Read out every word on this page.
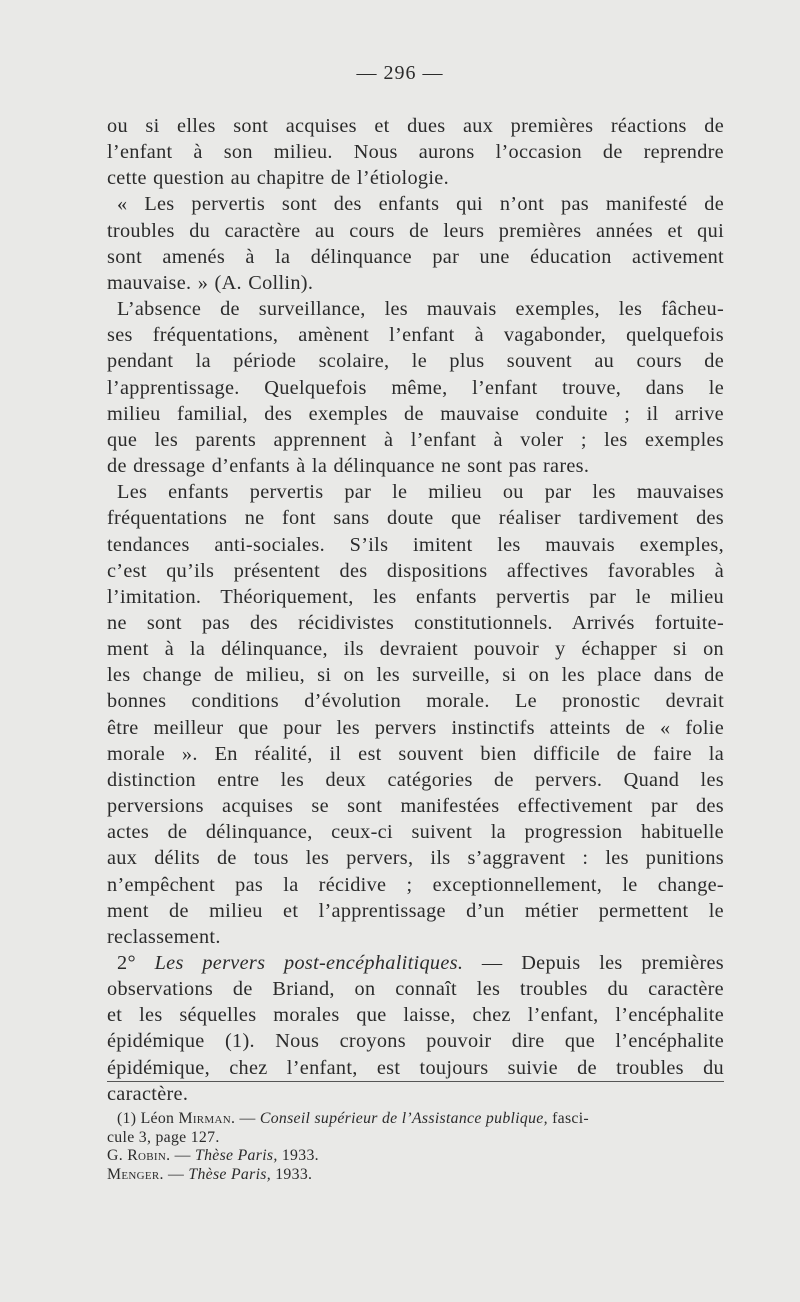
— 296 —

ou si elles sont acquises et dues aux premières réactions de
l’enfant à son milieu. Nous aurons l’occasion de reprendre
cette question au chapitre de l’étiologie.

« Les pervertis sont des enfants qui n’ont pas manifesté de
troubles du caractère au cours de leurs premières années et qui
sont amenés à la délinquance par une éducation activement
mauvaise. » (A. Collin).

L’absence de surveillance, les mauvais exemples, les fâcheu-
ses fréquentations, amènent l’enfant à vagabonder, quelquefois
pendant la période scolaire, le plus souvent au cours de
l’apprentissage. Quelquefois même, l’enfant trouve, dans le
milieu familial, des exemples de mauvaise conduite ; il arrive
que les parents apprennent à l’enfant à voler ; les exemples
de dressage d’enfants à la délinquance ne sont pas rares.

Les enfants pervertis par le milieu ou par les mauvaises
fréquentations ne font sans doute que réaliser tardivement des
tendances anti-sociales. S’ils imitent les mauvais exemples,
c’est qu’ils présentent des dispositions affectives favorables à
l’imitation. Théoriquement, les enfants pervertis par le milieu
ne sont pas des récidivistes constitutionnels. Arrivés fortuite-
ment à la délinquance, ils devraient pouvoir y échapper si on
les change de milieu, si on les surveille, si on les place dans de
bonnes conditions d’évolution morale. Le pronostic devrait
être meilleur que pour les pervers instinctifs atteints de « folie
morale ». En réalité, il est souvent bien difficile de faire la
distinction entre les deux catégories de pervers. Quand les
perversions acquises se sont manifestées effectivement par des
actes de délinquance, ceux-ci suivent la progression habituelle
aux délits de tous les pervers, ils s’aggravent : les punitions
n’empêchent pas la récidive ; exceptionnellement, le change-
ment de milieu et l’apprentissage d’un métier permettent le
reclassement.

2° Les pervers post-encéphalitiques. — Depuis les premières
observations de Briand, on connaît les troubles du caractère
et les séquelles morales que laisse, chez l’enfant, l’encéphalite
épidémique (1). Nous croyons pouvoir dire que l’encéphalite
épidémique, chez l’enfant, est toujours suivie de troubles du
caractère.

(1) Léon Mirman. — Conseil supérieur de l’Assistance publique, fasci-
cule 3, page 127.
G. Robin. — Thèse Paris, 1933.
Menger. — Thèse Paris, 1933.
